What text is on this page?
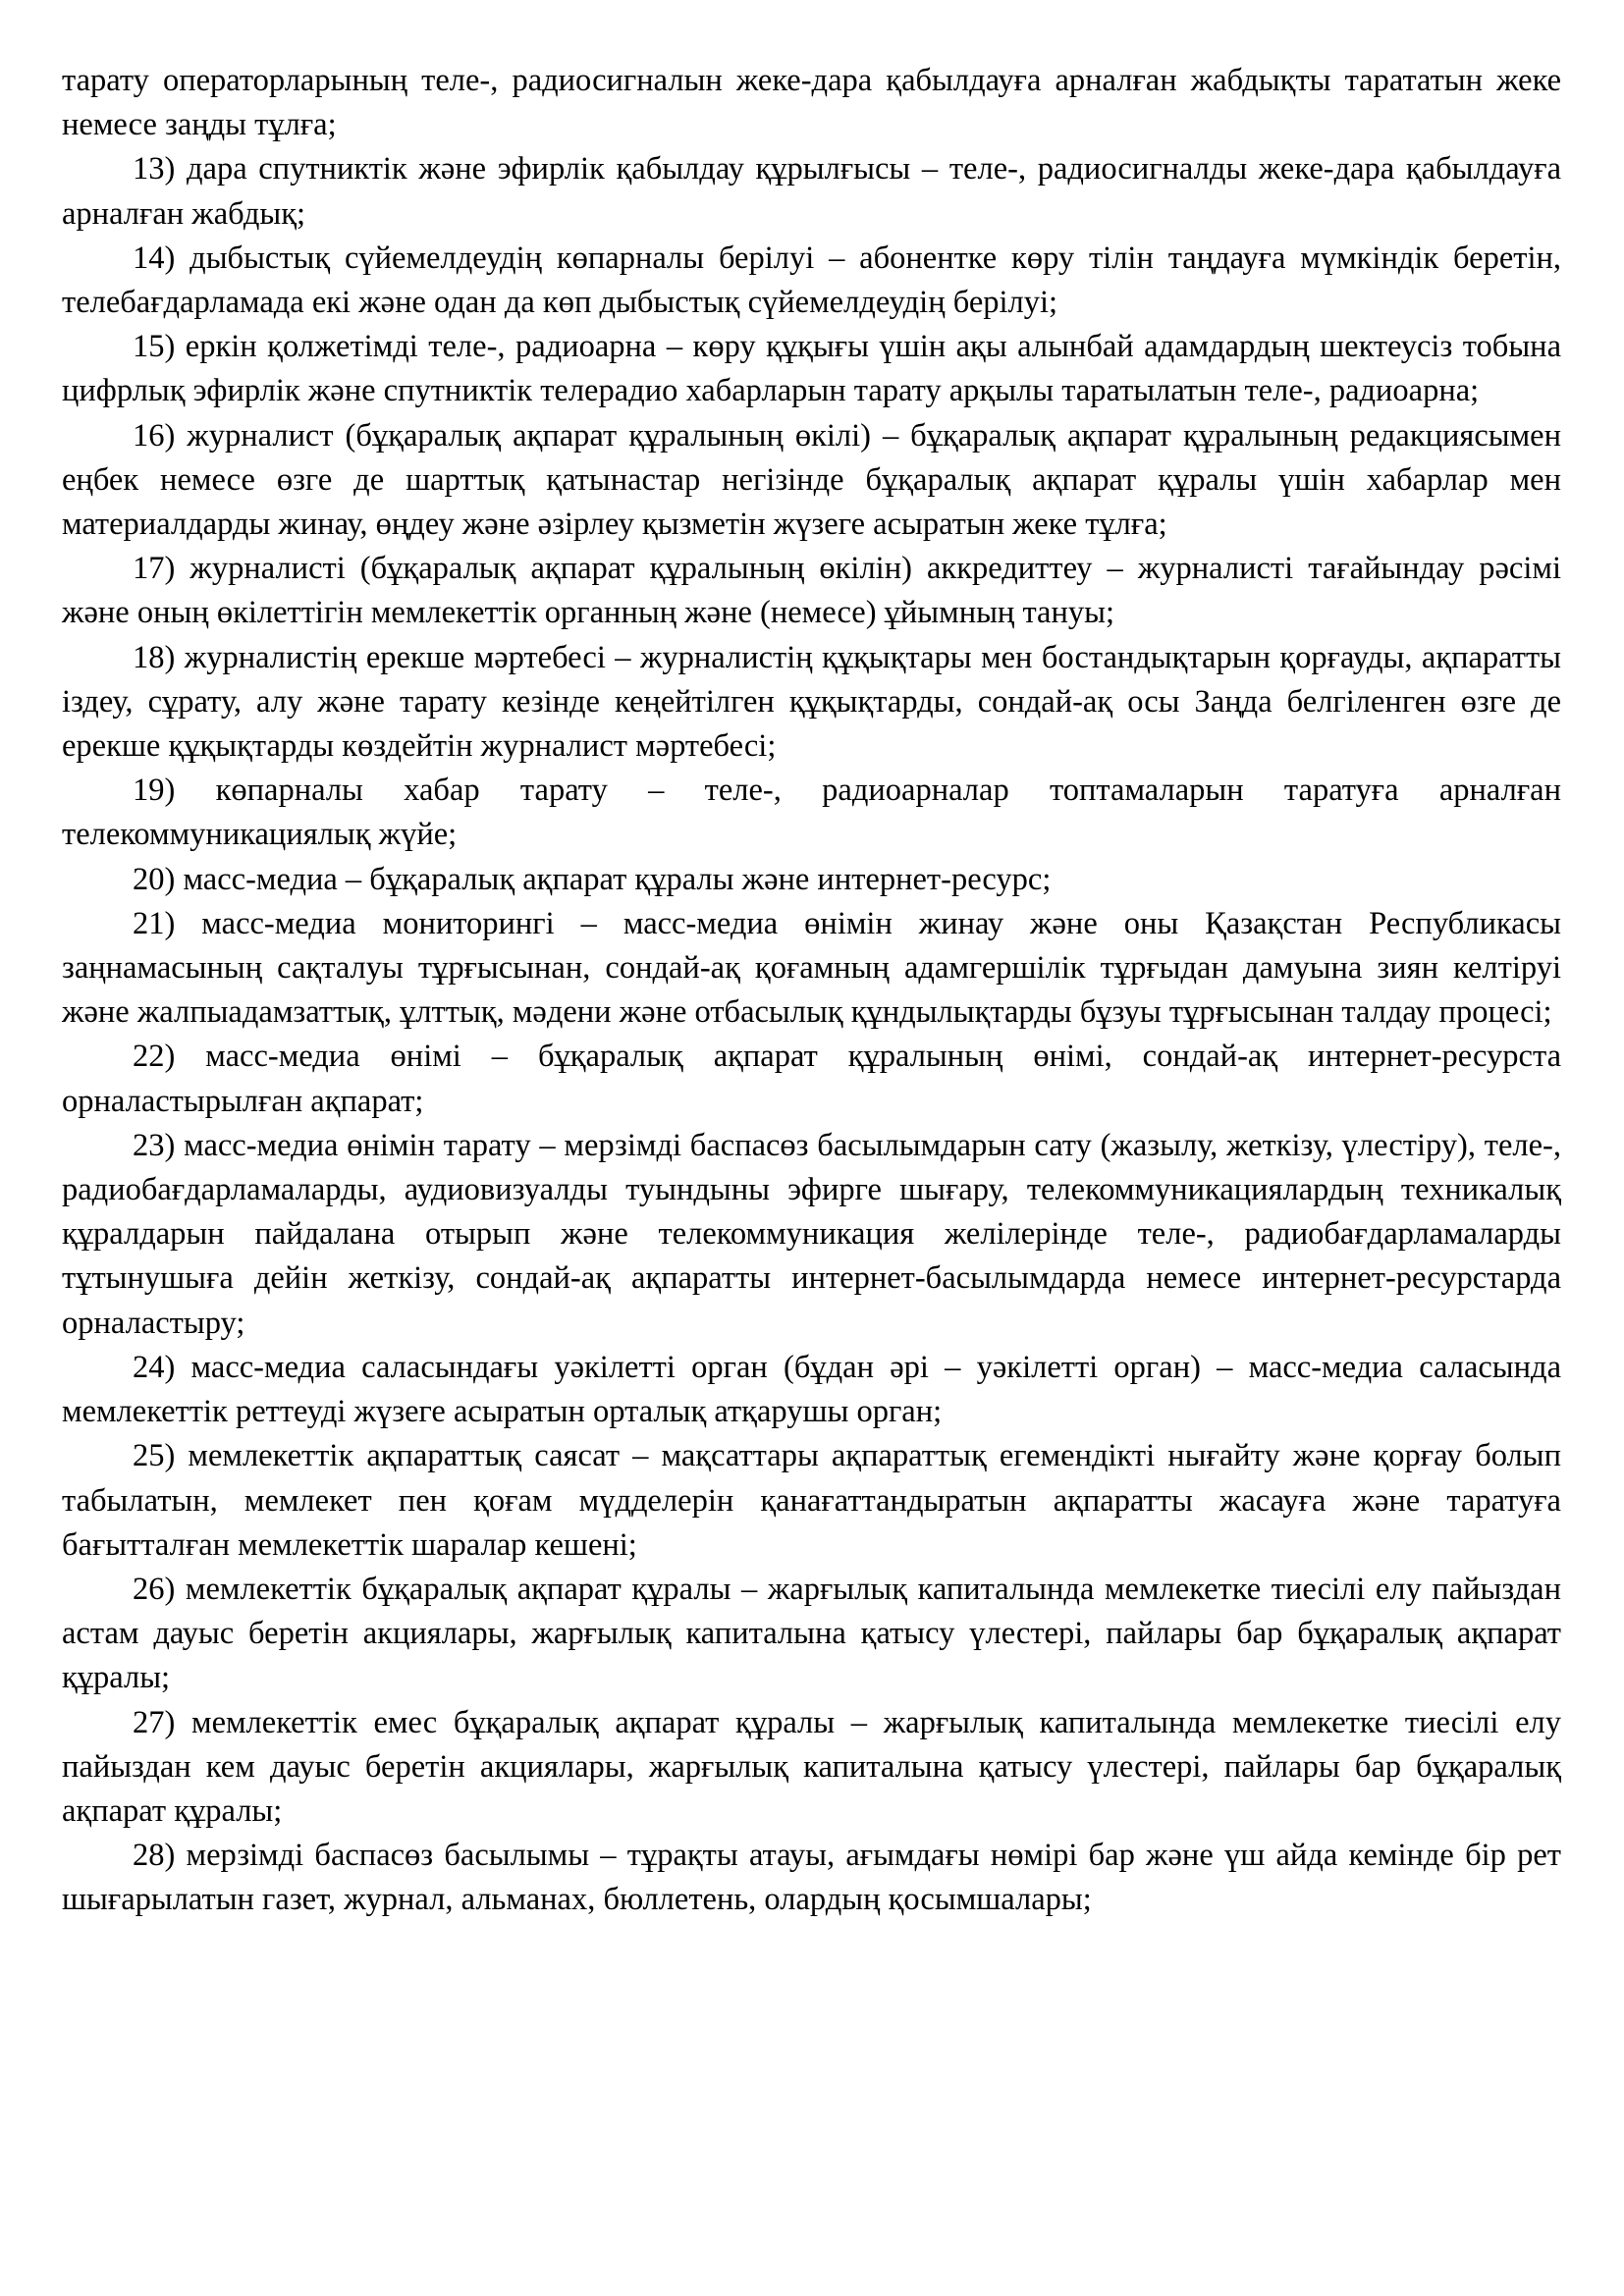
тарату операторларының теле-, радиосигналын жеке-дара қабылдауға арналған жабдықты тарататын жеке немесе заңды тұлға;

13) дара спутниктік және эфирлік қабылдау құрылғысы – теле-, радиосигналды жеке-дара қабылдауға арналған жабдық;

14) дыбыстық сүйемелдеудің көпарналы берілуі – абонентке көру тілін таңдауға мүмкіндік беретін, телебағдарламада екі және одан да көп дыбыстық сүйемелдеудің берілуі;

15) еркін қолжетімді теле-, радиоарна – көру құқығы үшін ақы алынбай адамдардың шектеусіз тобына цифрлық эфирлік және спутниктік телерадио хабарларын тарату арқылы таратылатын теле-, радиоарна;

16) журналист (бұқаралық ақпарат құралының өкілі) – бұқаралық ақпарат құралының редакциясымен еңбек немесе өзге де шарттық қатынастар негізінде бұқаралық ақпарат құралы үшін хабарлар мен материалдарды жинау, өңдеу және әзірлеу қызметін жүзеге асыратын жеке тұлға;

17) журналисті (бұқаралық ақпарат құралының өкілін) аккредиттеу – журналисті тағайындау рәсімі және оның өкілеттігін мемлекеттік органның және (немесе) ұйымның тануы;

18) журналистің ерекше мәртебесі – журналистің құқықтары мен бостандықтарын қорғауды, ақпаратты іздеу, сұрату, алу және тарату кезінде кеңейтілген құқықтарды, сондай-ақ осы Заңда белгіленген өзге де ерекше құқықтарды көздейтін журналист мәртебесі;

19) көпарналы хабар тарату – теле-, радиоарналар топтамаларын таратуға арналған телекоммуникациялық жүйе;

20) масс-медиа – бұқаралық ақпарат құралы және интернет-ресурс;

21) масс-медиа мониторингі – масс-медиа өнімін жинау және оны Қазақстан Республикасы заңнамасының сақталуы тұрғысынан, сондай-ақ қоғамның адамгершілік тұрғыдан дамуына зиян келтіруі және жалпыадамзаттық, ұлттық, мәдени және отбасылық құндылықтарды бұзуы тұрғысынан талдау процесі;

22) масс-медиа өнімі – бұқаралық ақпарат құралының өнімі, сондай-ақ интернет-ресурста орналастырылған ақпарат;

23) масс-медиа өнімін тарату – мерзімді баспасөз басылымдарын сату (жазылу, жеткізу, үлестіру), теле-, радиобағдарламаларды, аудиовизуалды туындыны эфирге шығару, телекоммуникациялардың техникалық құралдарын пайдалана отырып және телекоммуникация желілерінде теле-, радиобағдарламаларды тұтынушыға дейін жеткізу, сондай-ақ ақпаратты интернет-басылымдарда немесе интернет-ресурстарда орналастыру;

24) масс-медиа саласындағы уәкілетті орган (бұдан әрі – уәкілетті орган) – масс-медиа саласында мемлекеттік реттеуді жүзеге асыратын орталық атқарушы орган;

25) мемлекеттік ақпараттық саясат – мақсаттары ақпараттық егемендікті нығайту және қорғау болып табылатын, мемлекет пен қоғам мүдделерін қанағаттандыратын ақпаратты жасауға және таратуға бағытталған мемлекеттік шаралар кешені;

26) мемлекеттік бұқаралық ақпарат құралы – жарғылық капиталында мемлекетке тиесілі елу пайыздан астам дауыс беретін акциялары, жарғылық капиталына қатысу үлестері, пайлары бар бұқаралық ақпарат құралы;

27) мемлекеттік емес бұқаралық ақпарат құралы – жарғылық капиталында мемлекетке тиесілі елу пайыздан кем дауыс беретін акциялары, жарғылық капиталына қатысу үлестері, пайлары бар бұқаралық ақпарат құралы;

28) мерзімді баспасөз басылымы – тұрақты атауы, ағымдағы нөмірі бар және үш айда кемінде бір рет шығарылатын газет, журнал, альманах, бюллетень, олардың қосымшалары;
